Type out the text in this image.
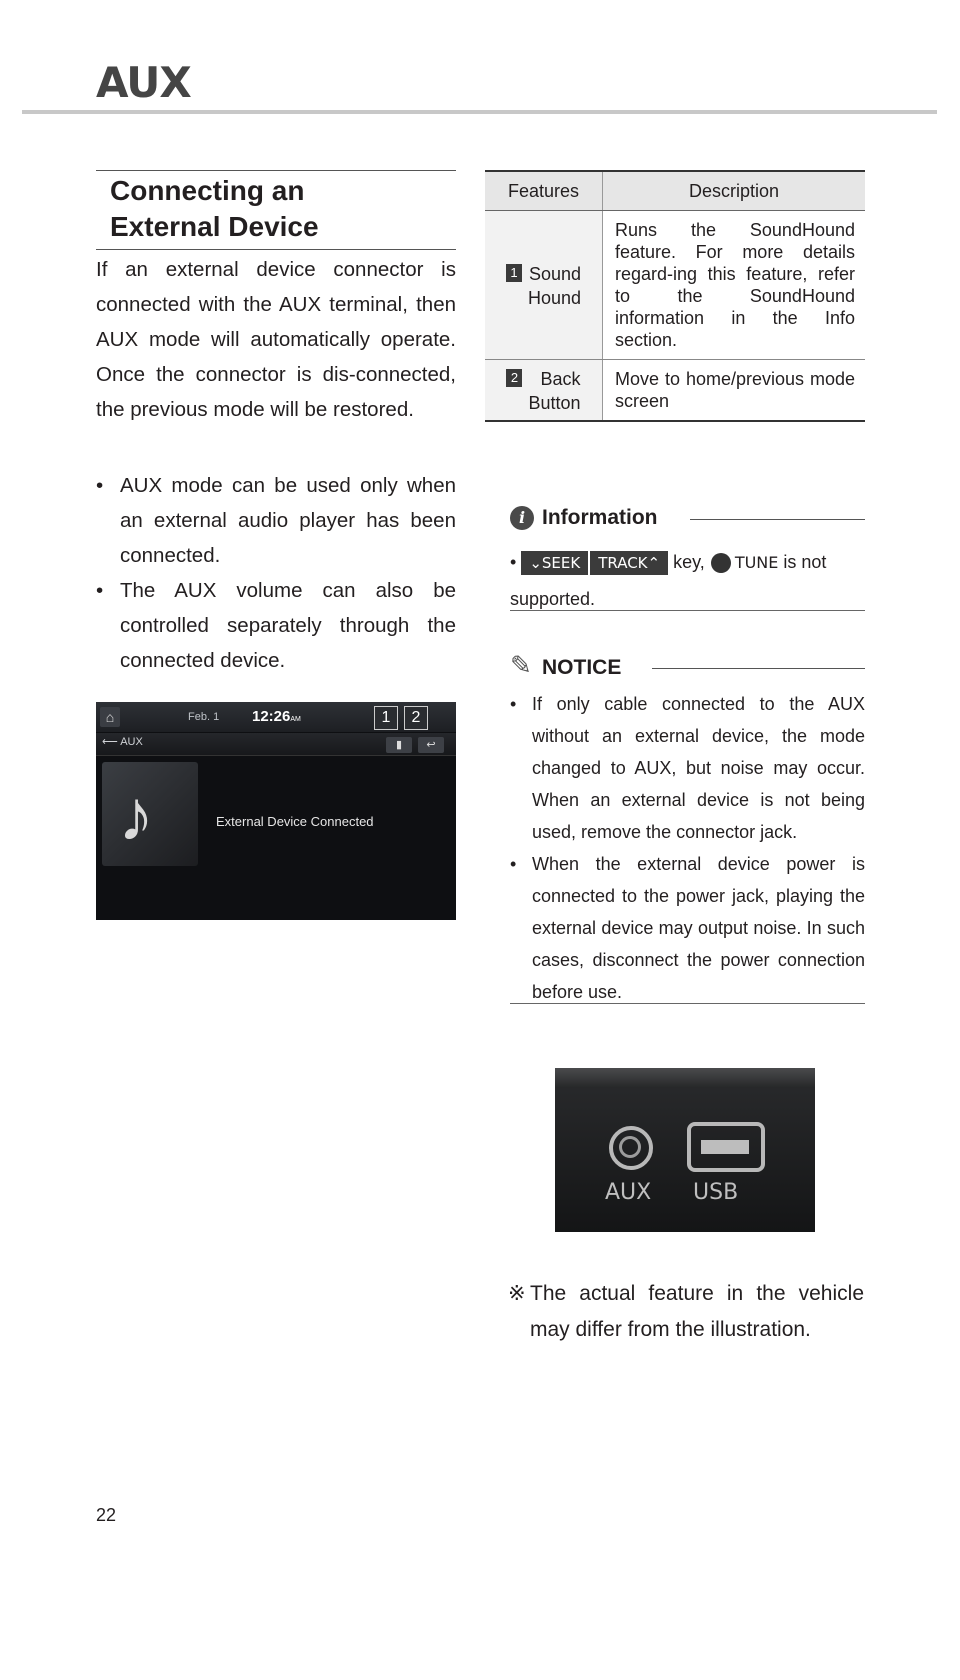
AUX
Connecting an
External Device
If an external device connector is connected with the AUX terminal, then AUX mode will automatically operate. Once the connector is dis-connected, the previous mode will be restored.
• AUX mode can be used only when an external audio player has been connected.
• The AUX volume can also be controlled separately through the connected device.
⌂	Feb. 1 12:26AM	1	2
⟵ AUX	▮	↩
♪	External Device Connected
Features	Description

1 Sound
Hound	Runs the SoundHound feature. For more details regard-ing this feature, refer to the SoundHound information in the Info section.

2 Back
Button	Move to home/previous mode screen
i Information
• ⌄SEEK TRACK⌃ key, TUNE is not supported.
✎ NOTICE
• If only cable connected to the AUX without an external device, the mode changed to AUX, but noise may occur. When an external device is not being used, remove the connector jack.
• When the external device power is connected to the power jack, playing the external device may output noise. In such cases, disconnect the power connection before use.
AUX USB
※ The actual feature in the vehicle may differ from the illustration.
22
